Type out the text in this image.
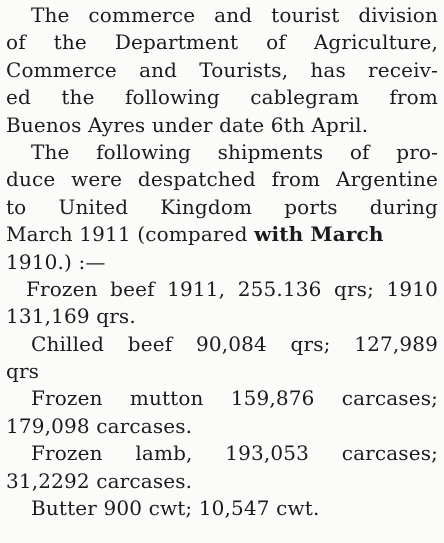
The commerce and tourist division
of the Department of Agriculture,
Commerce and Tourists, has receiv-
ed the following cablegram from
Buenos Ayres under date 6th April.
The following shipments of pro-
duce were despatched from Argentine
to United Kingdom ports during
March 1911 (compared with March
1910.) :—
Frozen beef 1911, 255.136 qrs; 1910
131,169 qrs.
Chilled beef 90,084 qrs; 127,989
qrs
Frozen mutton 159,876 carcases;
179,098 carcases.
Frozen lamb, 193,053 carcases;
31,2292 carcases.
Butter 900 cwt; 10,547 cwt.
